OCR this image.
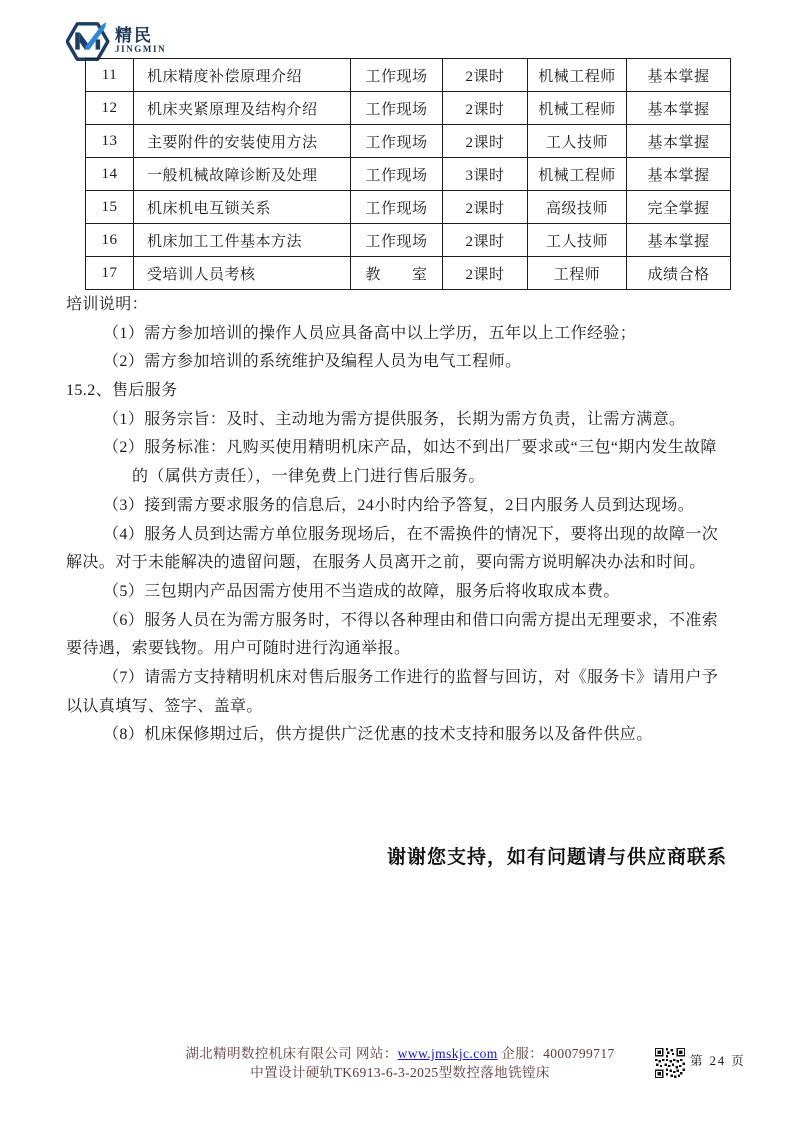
精民
JINGMIN
11	机床精度补偿原理介绍	工作现场	2课时	机械工程师	基本掌握
12	机床夹紧原理及结构介绍	工作现场	2课时	机械工程师	基本掌握
13	主要附件的安装使用方法	工作现场	2课时	工人技师	基本掌握
14	一般机械故障诊断及处理	工作现场	3课时	机械工程师	基本掌握
15	机床机电互锁关系	工作现场	2课时	高级技师	完全掌握
16	机床加工工件基本方法	工作现场	2课时	工人技师	基本掌握
17	受培训人员考核	教　　室	2课时	工程师	成绩合格
培训说明：
（1）需方参加培训的操作人员应具备高中以上学历，五年以上工作经验；
（2）需方参加培训的系统维护及编程人员为电气工程师。
15.2、售后服务
（1）服务宗旨：及时、主动地为需方提供服务，长期为需方负责，让需方满意。
（2）服务标准：凡购买使用精明机床产品，如达不到出厂要求或“三包“期内发生故障
的（属供方责任），一律免费上门进行售后服务。
（3）接到需方要求服务的信息后，24小时内给予答复，2日内服务人员到达现场。
（4）服务人员到达需方单位服务现场后，在不需换件的情况下，要将出现的故障一次
解决。对于未能解决的遗留问题，在服务人员离开之前，要向需方说明解决办法和时间。
（5）三包期内产品因需方使用不当造成的故障，服务后将收取成本费。
（6）服务人员在为需方服务时，不得以各种理由和借口向需方提出无理要求，不准索
要待遇，索要钱物。用户可随时进行沟通举报。
（7）请需方支持精明机床对售后服务工作进行的监督与回访，对《服务卡》请用户予
以认真填写、签字、盖章。
（8）机床保修期过后，供方提供广泛优惠的技术支持和服务以及备件供应。
谢谢您支持，如有问题请与供应商联系
湖北精明数控机床有限公司 网站：www.jmskjc.com 企服：4000799717
中置设计硬轨TK6913-6-3-2025型数控落地铣镗床
第 24 页
